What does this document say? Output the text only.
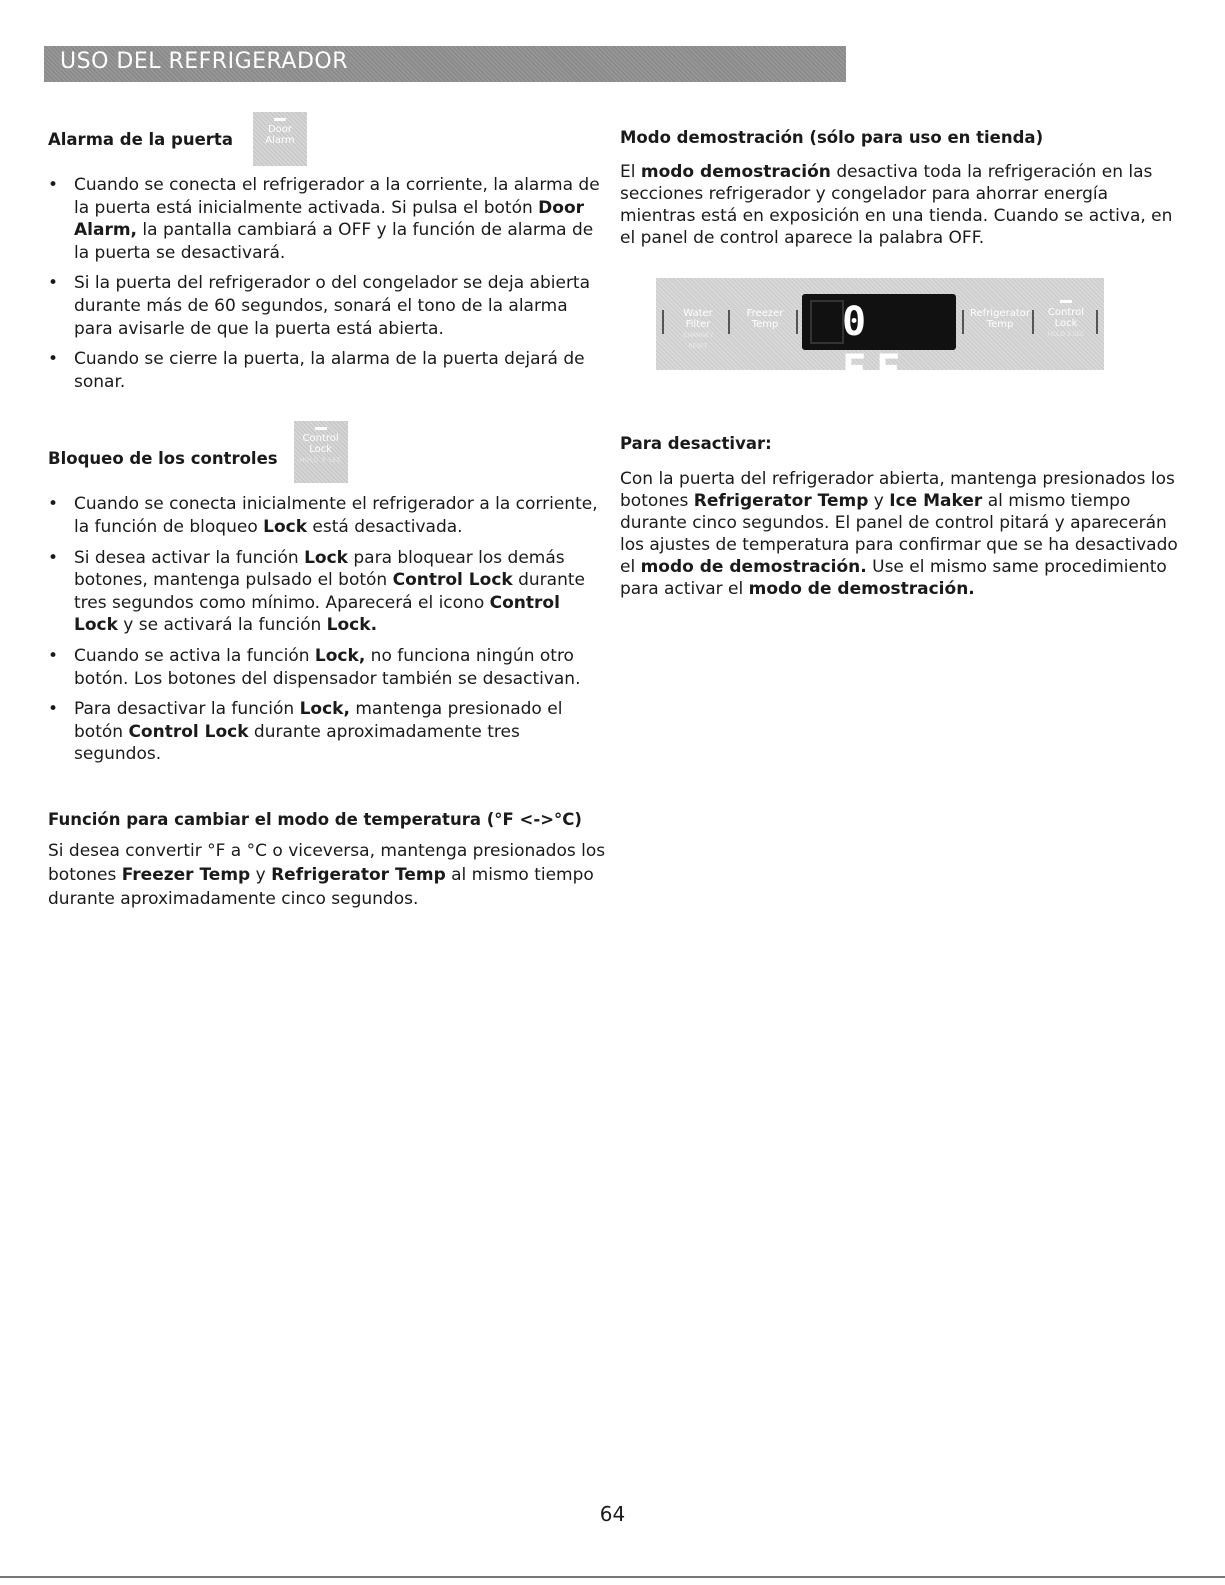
USO DEL REFRIGERADOR
Alarma de la puerta
Door
Alarm
• Cuando se conecta el refrigerador a la corriente, la alarma de la puerta está inicialmente activada. Si pulsa el botón Door Alarm, la pantalla cambiará a OFF y la función de alarma de la puerta se desactivará.
• Si la puerta del refrigerador o del congelador se deja abierta durante más de 60 segundos, sonará el tono de la alarma para avisarle de que la puerta está abierta.
• Cuando se cierre la puerta, la alarma de la puerta dejará de sonar.
Bloqueo de los controles
Control
Lock
HOLD 3 SEC
• Cuando se conecta inicialmente el refrigerador a la corriente, la función de bloqueo Lock está desactivada.
• Si desea activar la función Lock para bloquear los demás botones, mantenga pulsado el botón Control Lock durante tres segundos como mínimo. Aparecerá el icono Control Lock y se activará la función Lock.
• Cuando se activa la función Lock, no funciona ningún otro botón. Los botones del dispensador también se desactivan.
• Para desactivar la función Lock, mantenga presionado el botón Control Lock durante aproximadamente tres segundos.
Función para cambiar el modo de temperatura (°F <->°C)

Si desea convertir °F a °C o viceversa, mantenga presionados los botones Freezer Temp y Refrigerator Temp al mismo tiempo durante aproximadamente cinco segundos.

Modo demostración (sólo para uso en tienda)

El modo demostración desactiva toda la refrigeración en las secciones refrigerador y congelador para ahorrar energía mientras está en exposición en una tienda. Cuando se activa, en el panel de control aparece la palabra OFF.

Water
Filter
CHANGE / RESET
Freezer
Temp 0 FF
Refrigerator
Temp
Control
Lock
HOLD 3 SEC
Para desactivar:

Con la puerta del refrigerador abierta, mantenga presionados los botones Refrigerator Temp y Ice Maker al mismo tiempo durante cinco segundos. El panel de control pitará y aparecerán los ajustes de temperatura para confirmar que se ha desactivado el modo de demostración. Use el mismo same procedimiento para activar el modo de demostración.

64
